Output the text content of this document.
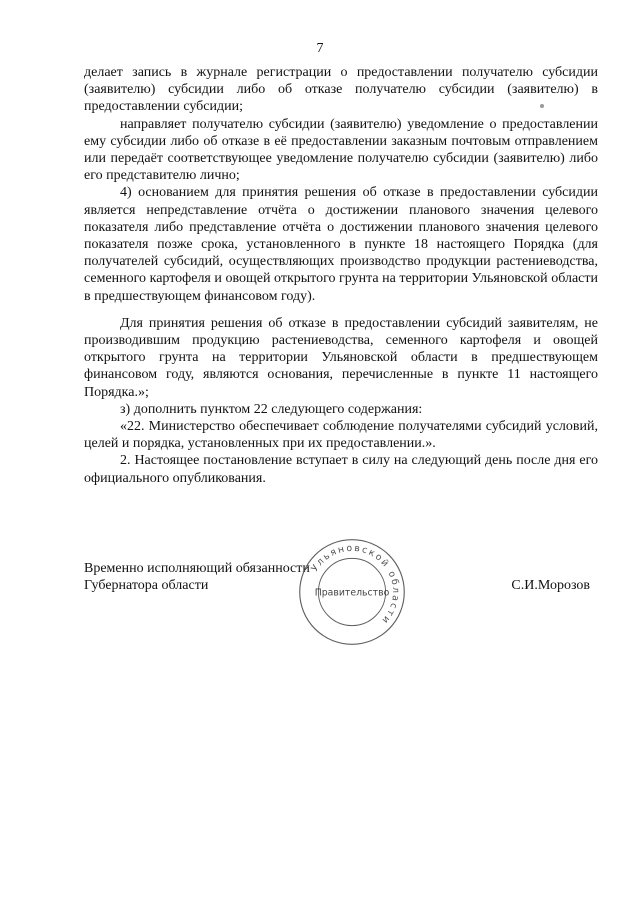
7

делает запись в журнале регистрации о предоставлении получателю субсидии (заявителю) субсидии либо об отказе получателю субсидии (заявителю) в предоставлении субсидии;

направляет получателю субсидии (заявителю) уведомление о предоставлении ему субсидии либо об отказе в её предоставлении заказным почтовым отправлением или передаёт соответствующее уведомление получателю субсидии (заявителю) либо его представителю лично;

4) основанием для принятия решения об отказе в предоставлении субсидии является непредставление отчёта о достижении планового значения целевого показателя либо представление отчёта о достижении планового значения целевого показателя позже срока, установленного в пункте 18 настоящего Порядка (для получателей субсидий, осуществляющих производство продукции растениеводства, семенного картофеля и овощей открытого грунта на территории Ульяновской области в предшествующем финансовом году).

Для принятия решения об отказе в предоставлении субсидий заявителям, не производившим продукцию растениеводства, семенного картофеля и овощей открытого грунта на территории Ульяновской области в предшествующем финансовом году, являются основания, перечисленные в пункте 11 настоящего Порядка.»;

з) дополнить пунктом 22 следующего содержания:

«22. Министерство обеспечивает соблюдение получателями субсидий условий, целей и порядка, установленных при их предоставлении.».

2. Настоящее постановление вступает в силу на следующий день после дня его официального опубликования.

Временно исполняющий обязанности
Губернатора области

Ульяновской области
Правительство

С.И.Морозов
